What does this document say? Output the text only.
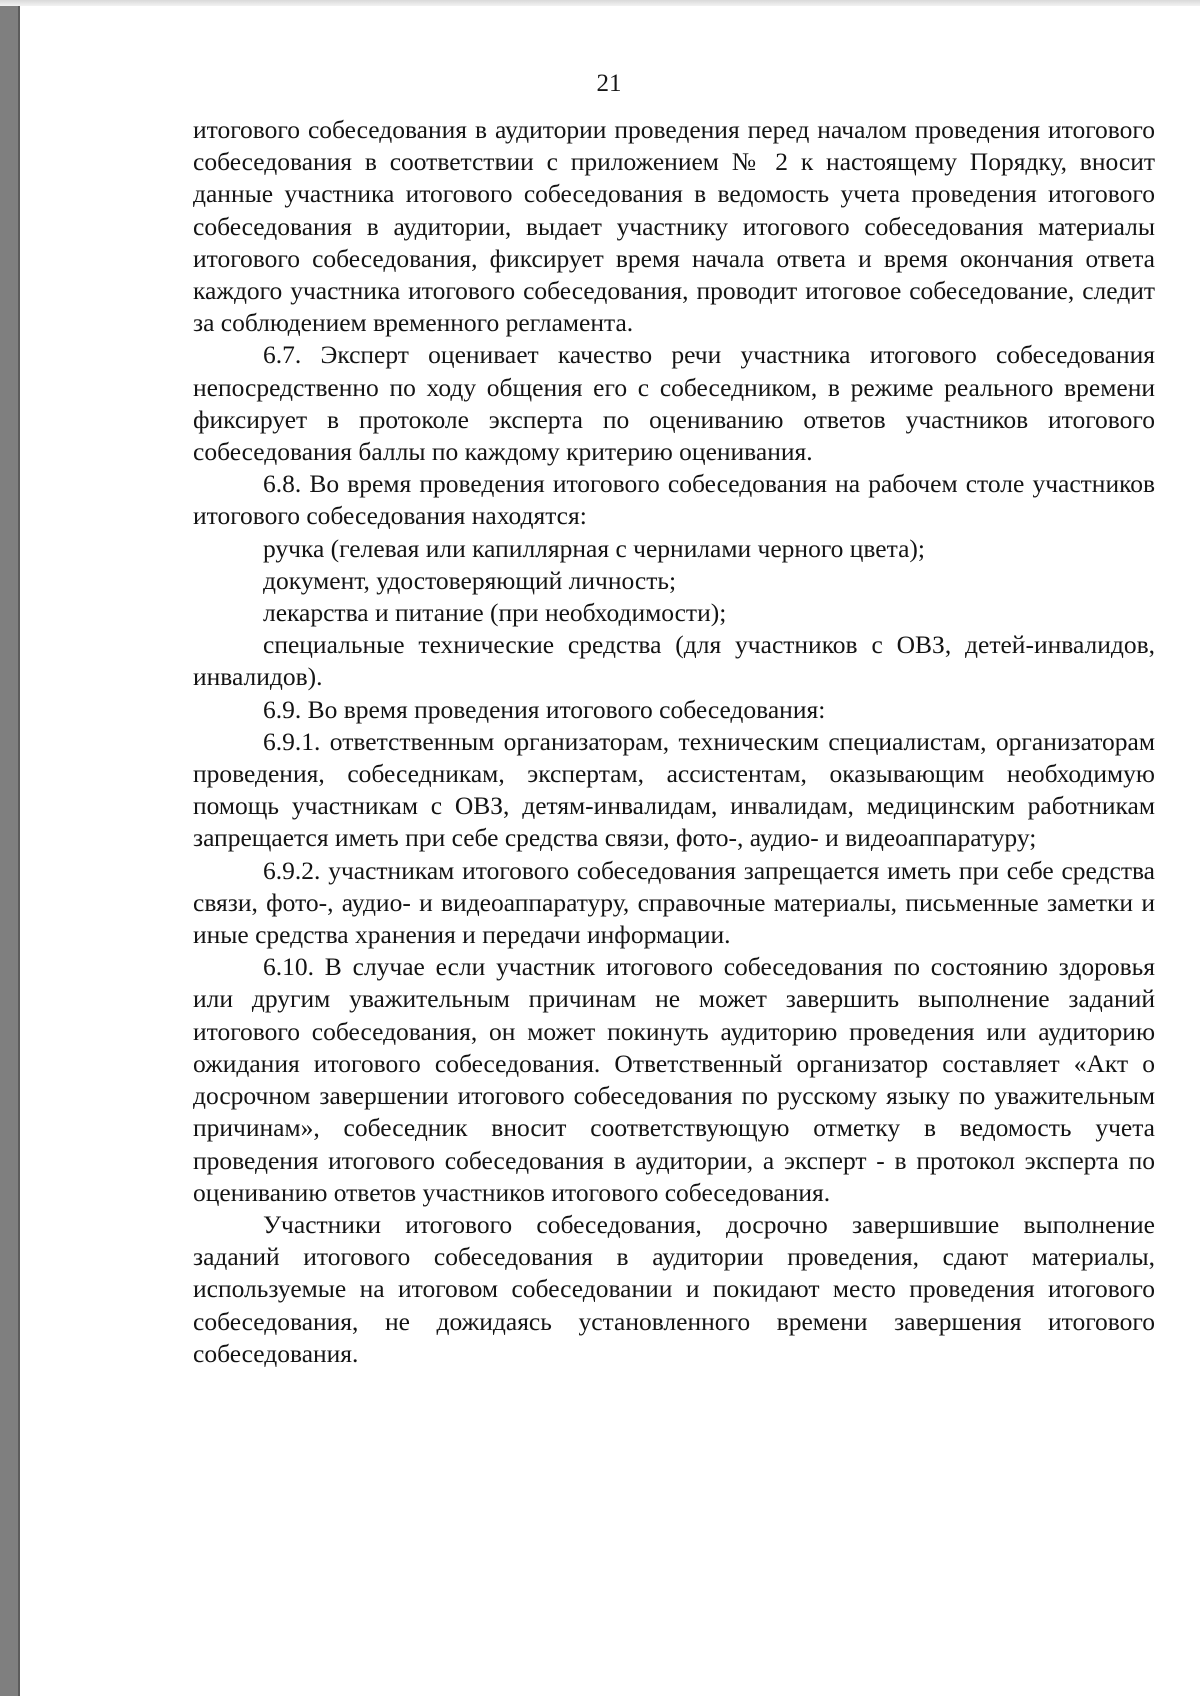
21

итогового собеседования в аудитории проведения перед началом проведения итогового собеседования в соответствии с приложением № 2 к настоящему Порядку, вносит данные участника итогового собеседования в ведомость учета проведения итогового собеседования в аудитории, выдает участнику итогового собеседования материалы итогового собеседования, фиксирует время начала ответа и время окончания ответа каждого участника итогового собеседования, проводит итоговое собеседование, следит за соблюдением временного регламента.

6.7. Эксперт оценивает качество речи участника итогового собеседования непосредственно по ходу общения его с собеседником, в режиме реального времени фиксирует в протоколе эксперта по оцениванию ответов участников итогового собеседования баллы по каждому критерию оценивания.

6.8. Во время проведения итогового собеседования на рабочем столе участников итогового собеседования находятся:

ручка (гелевая или капиллярная с чернилами черного цвета);

документ, удостоверяющий личность;

лекарства и питание (при необходимости);

специальные технические средства (для участников с ОВЗ, детей-инвалидов, инвалидов).

6.9. Во время проведения итогового собеседования:

6.9.1. ответственным организаторам, техническим специалистам, организаторам проведения, собеседникам, экспертам, ассистентам, оказывающим необходимую помощь участникам с ОВЗ, детям-инвалидам, инвалидам, медицинским работникам запрещается иметь при себе средства связи, фото-, аудио- и видеоаппаратуру;

6.9.2. участникам итогового собеседования запрещается иметь при себе средства связи, фото-, аудио- и видеоаппаратуру, справочные материалы, письменные заметки и иные средства хранения и передачи информации.

6.10. В случае если участник итогового собеседования по состоянию здоровья или другим уважительным причинам не может завершить выполнение заданий итогового собеседования, он может покинуть аудиторию проведения или аудиторию ожидания итогового собеседования. Ответственный организатор составляет «Акт о досрочном завершении итогового собеседования по русскому языку по уважительным причинам», собеседник вносит соответствующую отметку в ведомость учета проведения итогового собеседования в аудитории, а эксперт - в протокол эксперта по оцениванию ответов участников итогового собеседования.

Участники итогового собеседования, досрочно завершившие выполнение заданий итогового собеседования в аудитории проведения, сдают материалы, используемые на итоговом собеседовании и покидают место проведения итогового собеседования, не дожидаясь установленного времени завершения итогового собеседования.
